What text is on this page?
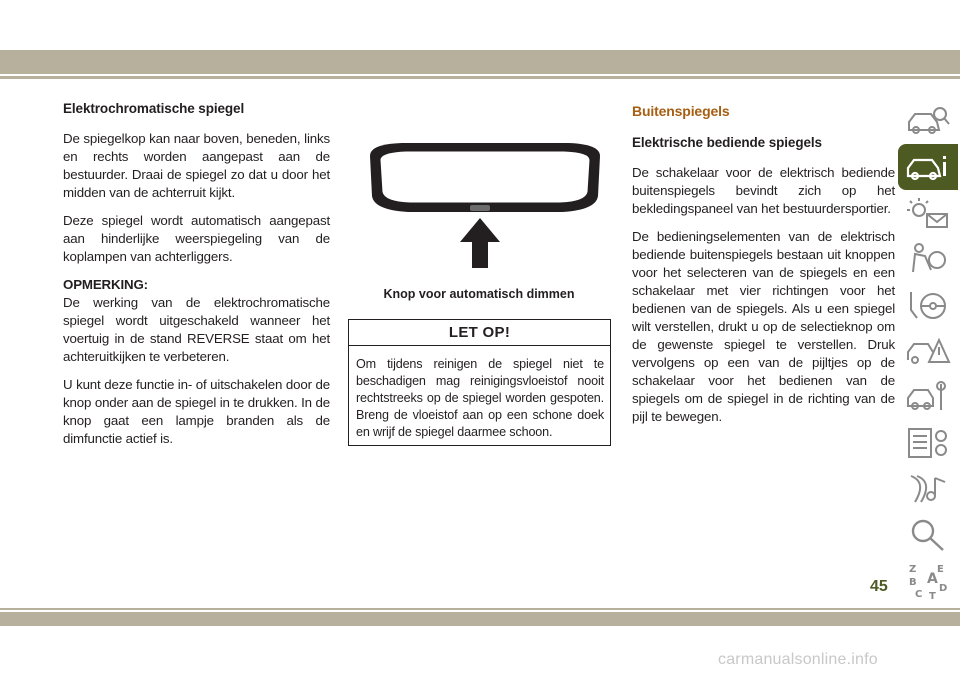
Elektrochromatische spiegel

De spiegelkop kan naar boven, beneden, links en rechts worden aangepast aan de bestuurder. Draai de spiegel zo dat u door het midden van de achterruit kijkt.

Deze spiegel wordt automatisch aangepast aan hinderlijke weerspiegeling van de koplampen van achterliggers.

OPMERKING:
De werking van de elektrochromatische spiegel wordt uitgeschakeld wanneer het voertuig in de stand REVERSE staat om het achteruitkijken te verbeteren.

U kunt deze functie in- of uitschakelen door de knop onder aan de spiegel in te drukken. In de knop gaat een lampje branden als de dimfunctie actief is.

Knop voor automatisch dimmen
LET OP!
Om tijdens reinigen de spiegel niet te beschadigen mag reinigingsvloeistof nooit rechtstreeks op de spiegel worden gespoten. Breng de vloeistof aan op een schone doek en wrijf de spiegel daarmee schoon.
Buitenspiegels
Elektrische bediende spiegels

De schakelaar voor de elektrisch bediende buitenspiegels bevindt zich op het bekledingspaneel van het bestuurdersportier.

De bedieningselementen van de elektrisch bediende buitenspiegels bestaan uit knoppen voor het selecteren van de spiegels en een schakelaar met vier richtingen voor het bedienen van de spiegels. Als u een spiegel wilt verstellen, drukt u op de selectieknop om de gewenste spiegel te verstellen. Druk vervolgens op een van de pijltjes op de schakelaar voor het bedienen van de spiegels om de spiegel in de richting van de pijl te bewegen.

Z E
B A
C
D
T
45
carmanualsonline.info
